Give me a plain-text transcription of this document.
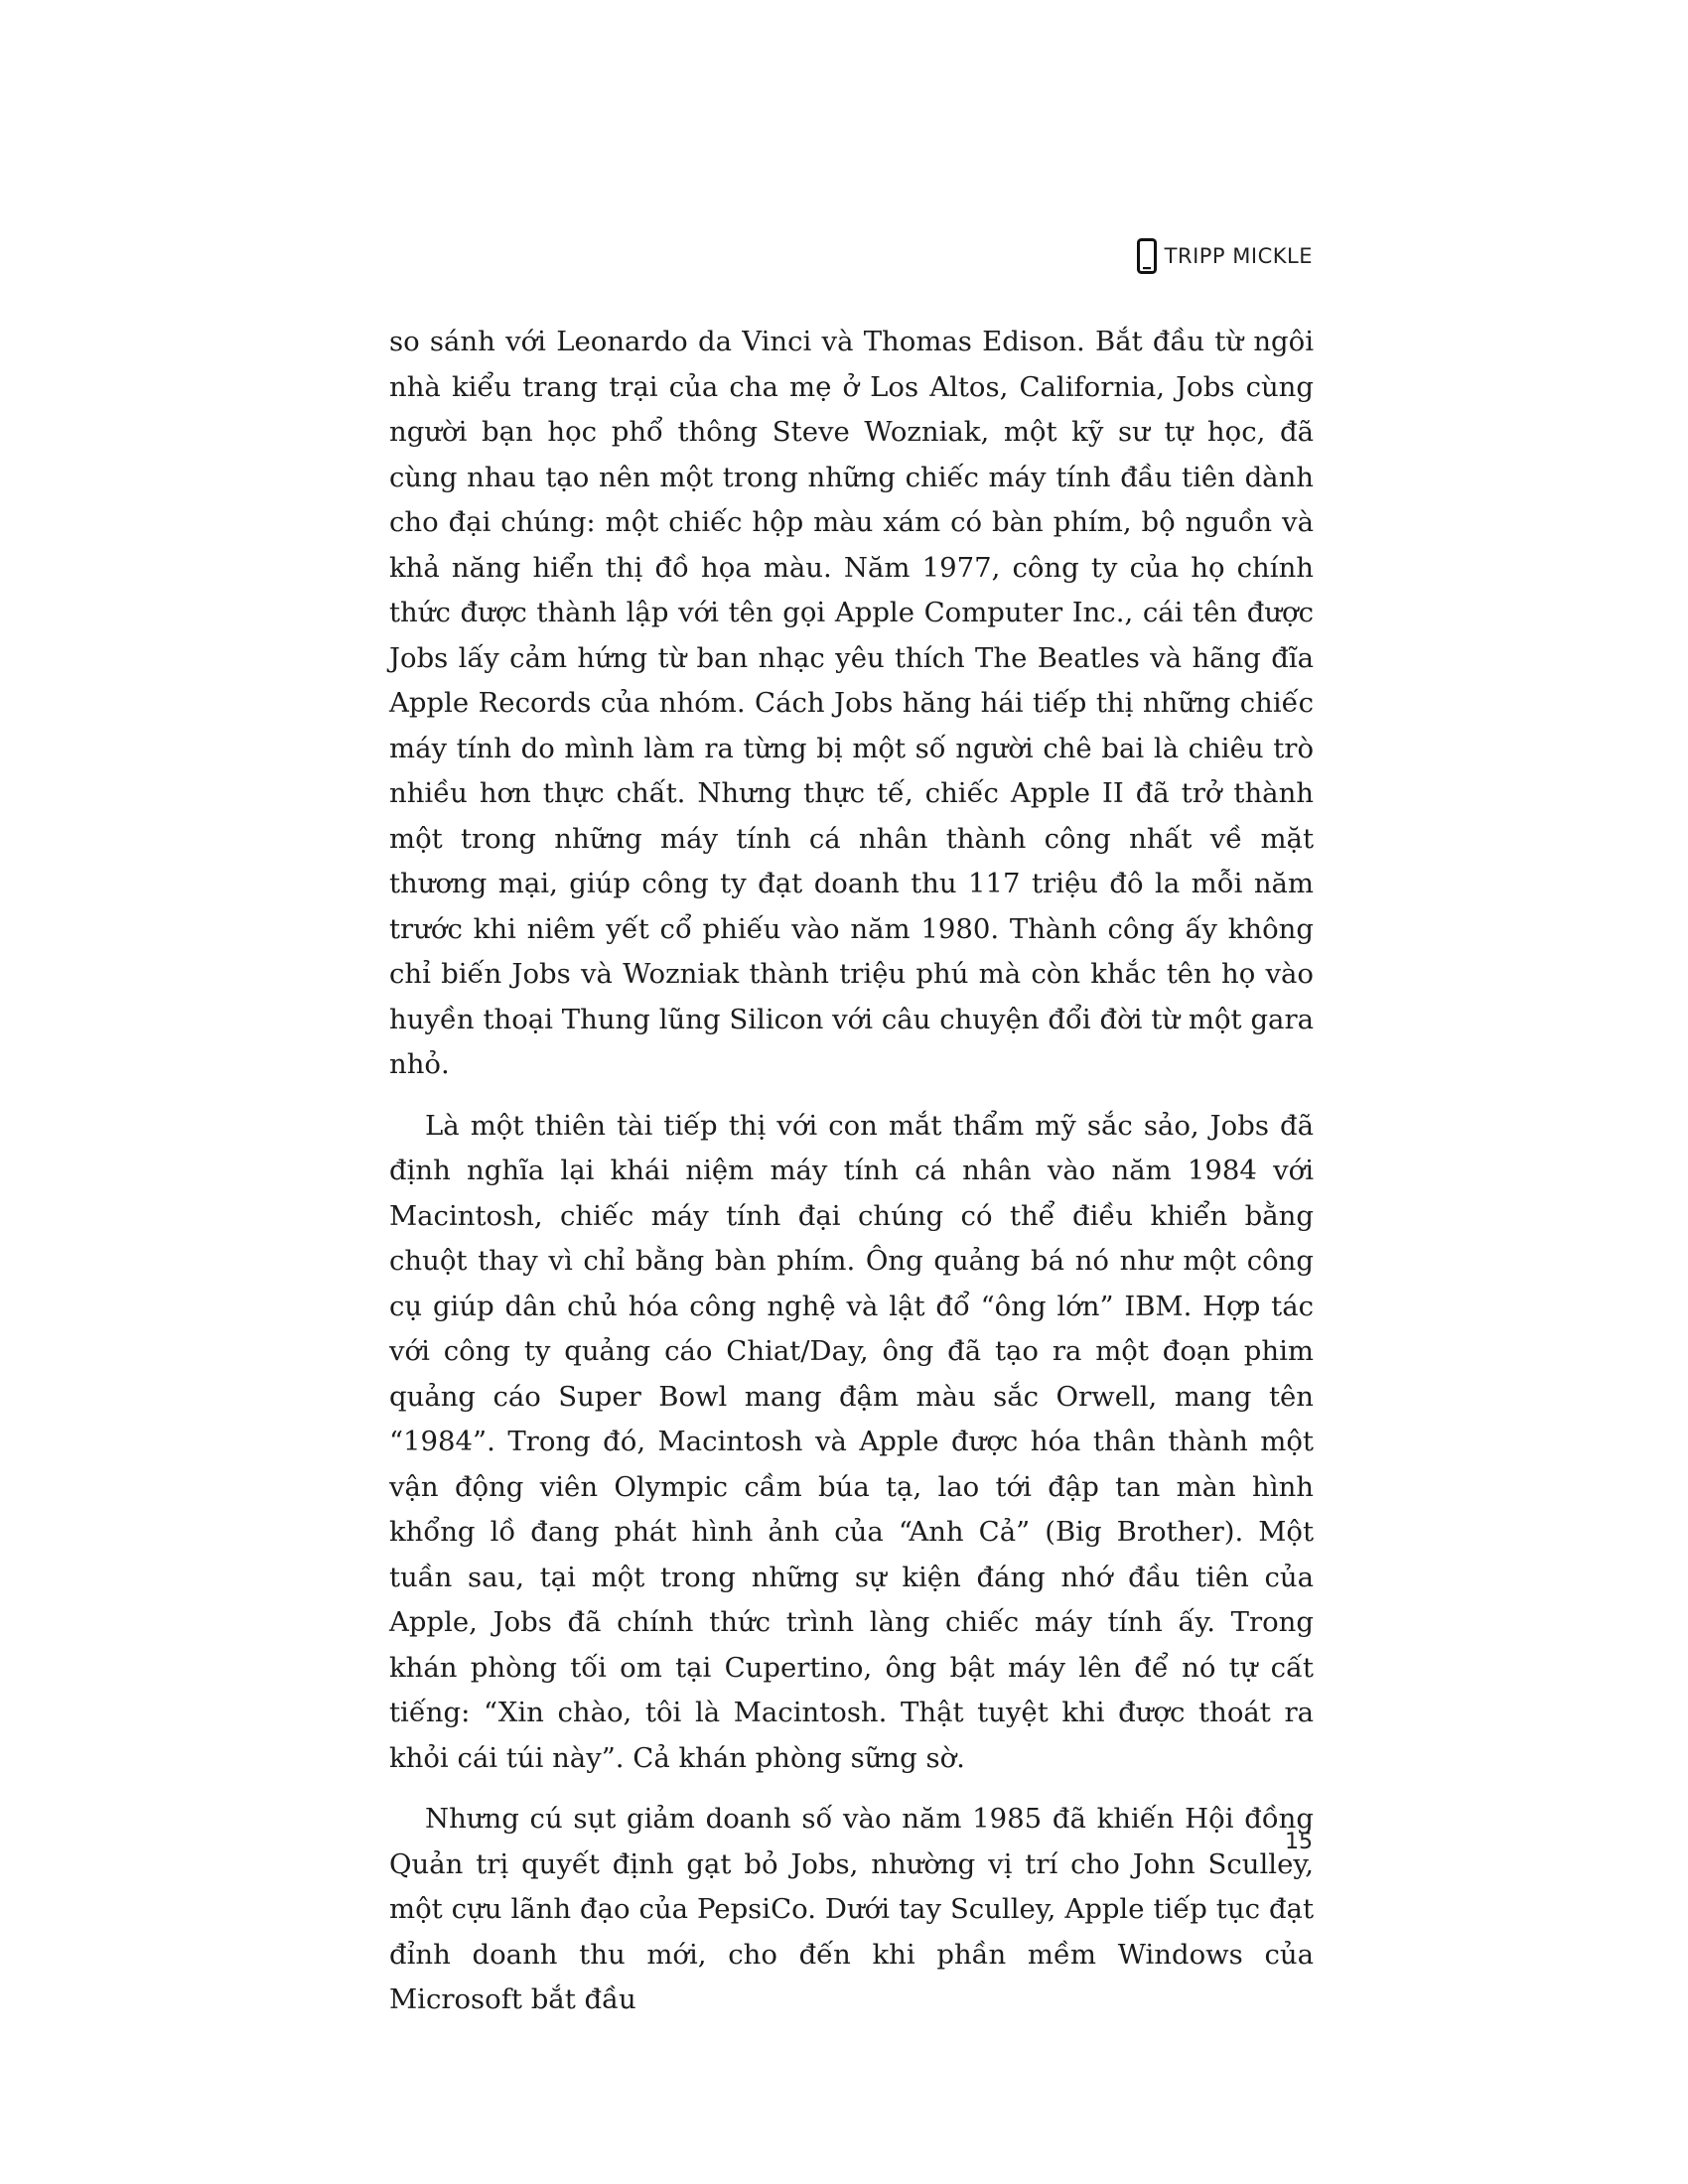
TRIPP MICKLE

so sánh với Leonardo da Vinci và Thomas Edison. Bắt đầu từ ngôi nhà kiểu trang trại của cha mẹ ở Los Altos, California, Jobs cùng người bạn học phổ thông Steve Wozniak, một kỹ sư tự học, đã cùng nhau tạo nên một trong những chiếc máy tính đầu tiên dành cho đại chúng: một chiếc hộp màu xám có bàn phím, bộ nguồn và khả năng hiển thị đồ họa màu. Năm 1977, công ty của họ chính thức được thành lập với tên gọi Apple Computer Inc., cái tên được Jobs lấy cảm hứng từ ban nhạc yêu thích The Beatles và hãng đĩa Apple Records của nhóm. Cách Jobs hăng hái tiếp thị những chiếc máy tính do mình làm ra từng bị một số người chê bai là chiêu trò nhiều hơn thực chất. Nhưng thực tế, chiếc Apple II đã trở thành một trong những máy tính cá nhân thành công nhất về mặt thương mại, giúp công ty đạt doanh thu 117 triệu đô la mỗi năm trước khi niêm yết cổ phiếu vào năm 1980. Thành công ấy không chỉ biến Jobs và Wozniak thành triệu phú mà còn khắc tên họ vào huyền thoại Thung lũng Silicon với câu chuyện đổi đời từ một gara nhỏ.

Là một thiên tài tiếp thị với con mắt thẩm mỹ sắc sảo, Jobs đã định nghĩa lại khái niệm máy tính cá nhân vào năm 1984 với Macintosh, chiếc máy tính đại chúng có thể điều khiển bằng chuột thay vì chỉ bằng bàn phím. Ông quảng bá nó như một công cụ giúp dân chủ hóa công nghệ và lật đổ “ông lớn” IBM. Hợp tác với công ty quảng cáo Chiat/Day, ông đã tạo ra một đoạn phim quảng cáo Super Bowl mang đậm màu sắc Orwell, mang tên “1984”. Trong đó, Macintosh và Apple được hóa thân thành một vận động viên Olympic cầm búa tạ, lao tới đập tan màn hình khổng lồ đang phát hình ảnh của “Anh Cả” (Big Brother). Một tuần sau, tại một trong những sự kiện đáng nhớ đầu tiên của Apple, Jobs đã chính thức trình làng chiếc máy tính ấy. Trong khán phòng tối om tại Cupertino, ông bật máy lên để nó tự cất tiếng: “Xin chào, tôi là Macintosh. Thật tuyệt khi được thoát ra khỏi cái túi này”. Cả khán phòng sững sờ.

Nhưng cú sụt giảm doanh số vào năm 1985 đã khiến Hội đồng Quản trị quyết định gạt bỏ Jobs, nhường vị trí cho John Sculley, một cựu lãnh đạo của PepsiCo. Dưới tay Sculley, Apple tiếp tục đạt đỉnh doanh thu mới, cho đến khi phần mềm Windows của Microsoft bắt đầu

15
